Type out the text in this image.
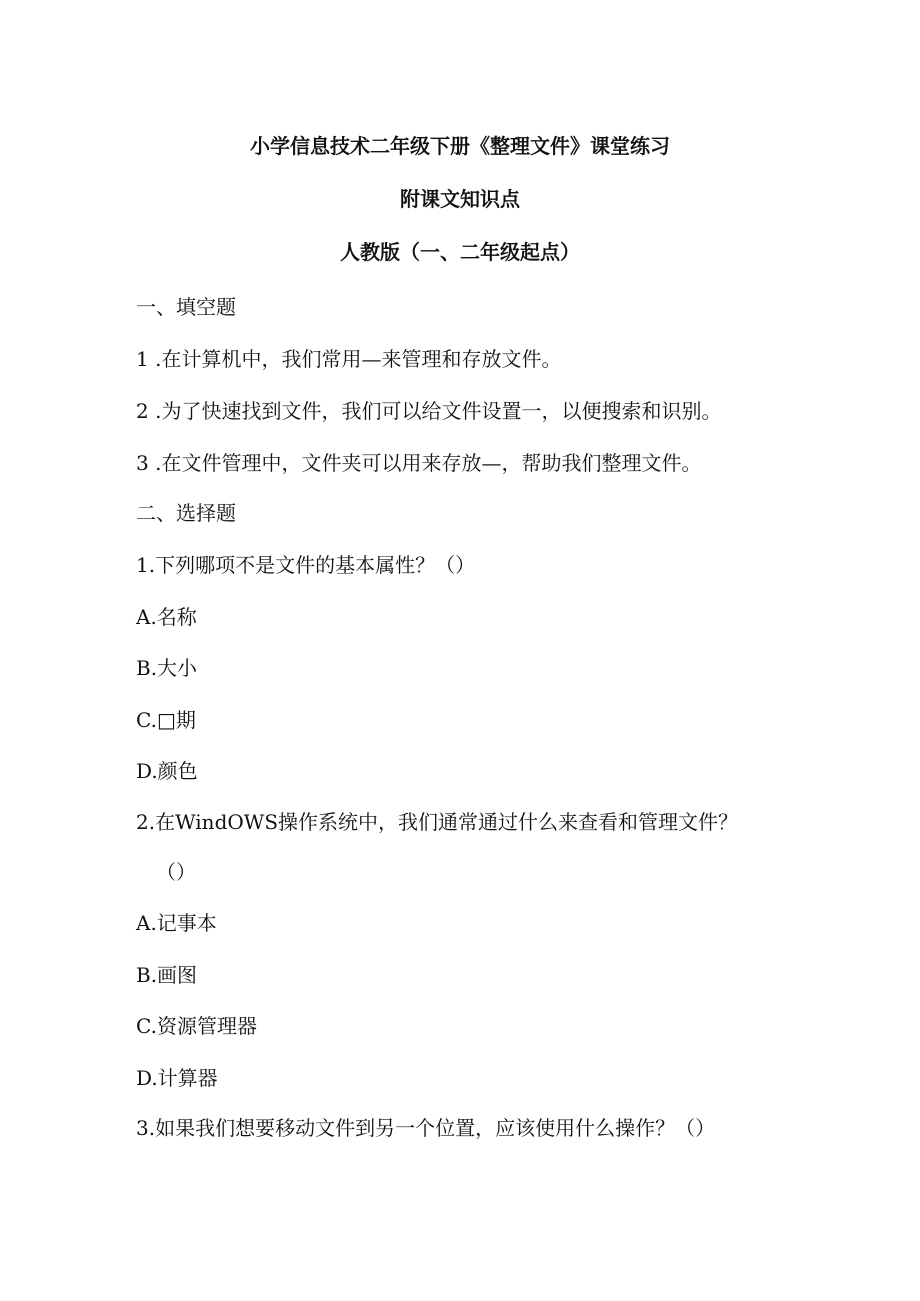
小学信息技术二年级下册《整理文件》课堂练习
附课文知识点
人教版（一、二年级起点）
一、填空题
1 .在计算机中，我们常用—来管理和存放文件。
2 .为了快速找到文件，我们可以给文件设置一，以便搜索和识别。
3 .在文件管理中，文件夹可以用来存放—，帮助我们整理文件。
二、选择题
1.下列哪项不是文件的基本属性？（）
A.名称
B.大小
C.□期
D.颜色
2.在WindOWS操作系统中，我们通常通过什么来查看和管理文件？
（）
A.记事本
B.画图
C.资源管理器
D.计算器
3.如果我们想要移动文件到另一个位置，应该使用什么操作？（）
